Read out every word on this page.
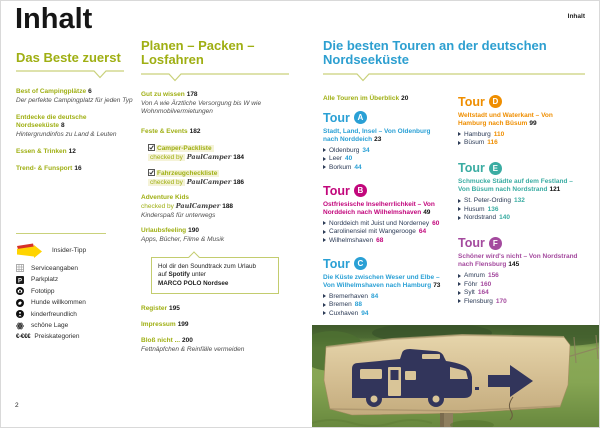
Inhalt	Inhalt
2
Das Beste zuerst
Best of Campingplätze 6
Der perfekte Campingplatz für jeden Typ
Entdecke die deutsche Nordseeküste 8
Hintergrundinfos zu Land & Leuten
Essen & Trinken 12
Trend- & Funsport 16
Insider-Tipp
Serviceangaben
P Parkplatz
Fototipp
Hunde willkommen
kinderfreundlich
schöne Lage
€-€€€ Preiskategorien
Planen – Packen – Losfahren
Gut zu wissen 178
Von A wie Ärztliche Versorgung bis W wie Wohnmobilvermietungen
Feste & Events 182
Camper-Packliste
checked by PaulCamper 184
Fahrzeugcheckliste
checked by PaulCamper 186
Adventure Kids
checked by PaulCamper 188
Kinderspaß für unterwegs
Urlaubsfeeling 190
Apps, Bücher, Filme & Musik
Hol dir den Soundtrack zum Urlaub
auf Spotify unter
MARCO POLO Nordsee
Register 195
Impressum 199
Bloß nicht ... 200
Fettnäpfchen & Reinfälle vermeiden
Die besten Touren an der deutschen Nordseeküste
Alle Touren im Überblick 20
Tour A
Stadt, Land, Insel – Von Oldenburg nach Norddeich 23
Oldenburg 34
Leer 40
Borkum 44
Tour B
Ostfriesische Inselherrlichkeit – Von Norddeich nach Wilhelmshaven 49
Norddeich mit Juist und Norderney 60
Carolinensiel mit Wangerooge 64
Wilhelmshaven 68
Tour C
Die Küste zwischen Weser und Elbe – Von Wilhelmshaven nach Hamburg 73
Bremerhaven 84
Bremen 88
Cuxhaven 94
Tour D
Weltstadt und Waterkant – Von Hamburg nach Büsum 99
Hamburg 110
Büsum 116
Tour E
Schmucke Städte auf dem Festland – Von Büsum nach Nordstrand 121
St. Peter-Ording 132
Husum 136
Nordstrand 140
Tour	F
Schöner wird's nicht – Von Nordstrand nach Flensburg 145
Amrum 156
Föhr 160
Sylt 164
Flensburg 170
